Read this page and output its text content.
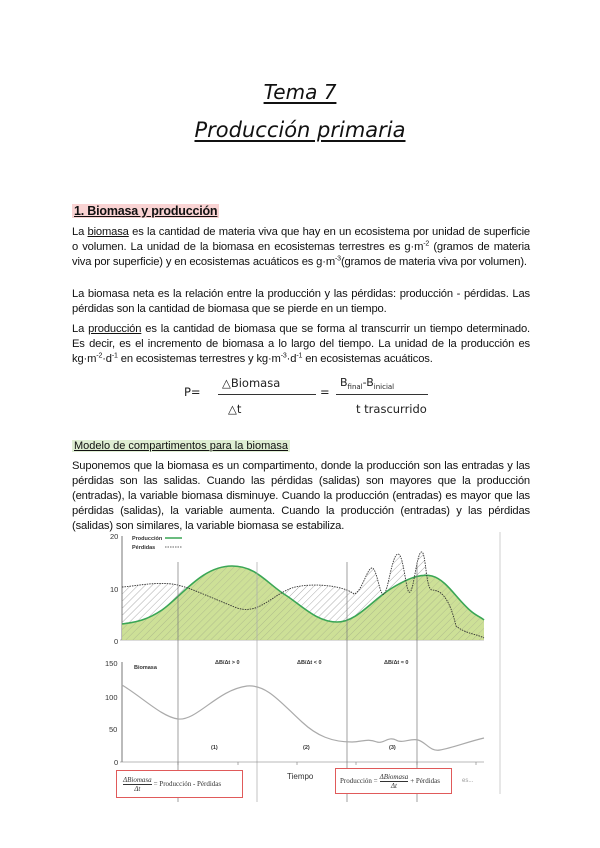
Tema 7
Producción primaria
1. Biomasa y producción
La biomasa es la cantidad de materia viva que hay en un ecosistema por unidad de superficie o volumen. La unidad de la biomasa en ecosistemas terrestres es $g\cdot m^{-2}$ (gramos de materia viva por superficie) y en ecosistemas acuáticos es $g\cdot m^{-3}(gramos$ de materia viva por volumen).
La biomasa neta es la relación entre la producción y las pérdidas: producción - pérdidas. Las pérdidas son la cantidad de biomasa que se pierde en un tiempo.
La producción es la cantidad de biomasa que se forma al transcurrir un tiempo determinado. Es decir, es el incremento de biomasa a lo largo del tiempo. La unidad de la producción es $kg\cdot m^{-2}\cdot d^{-1}$ en ecosistemas terrestres y $kg\cdot m^{-3}\cdot d^{-1}$ en ecosistemas acuáticos.
P=
△Biomasa
△t
=
$B_{final}-B_{inicial}$
t trascurrido
Modelo de compartimentos para la biomasa
Suponemos que la biomasa es un compartimento, donde la producción son las entradas y las pérdidas son las salidas. Cuando las pérdidas (salidas) son mayores que la producción (entradas), la variable biomasa disminuye. Cuando la producción (entradas) es mayor que las pérdidas (salidas), la variable aumenta. Cuando la producción (entradas) y las pérdidas (salidas) son similares, la variable biomasa se estabiliza.
20
10
0
Producción
Pérdidas
150
100
50
0
Biomasa
ΔB/Δt > 0	ΔB/Δt < 0	ΔB/Δt ≈ 0
(1)	(2)	(3)
$\frac{\text{ΔBiomasa}}{\Delta t}$ = Producción - Pérdidas
Tiempo	Producción = $\frac{\text{ΔBiomasa}}{\Delta t}$ + Pérdidas	es...
